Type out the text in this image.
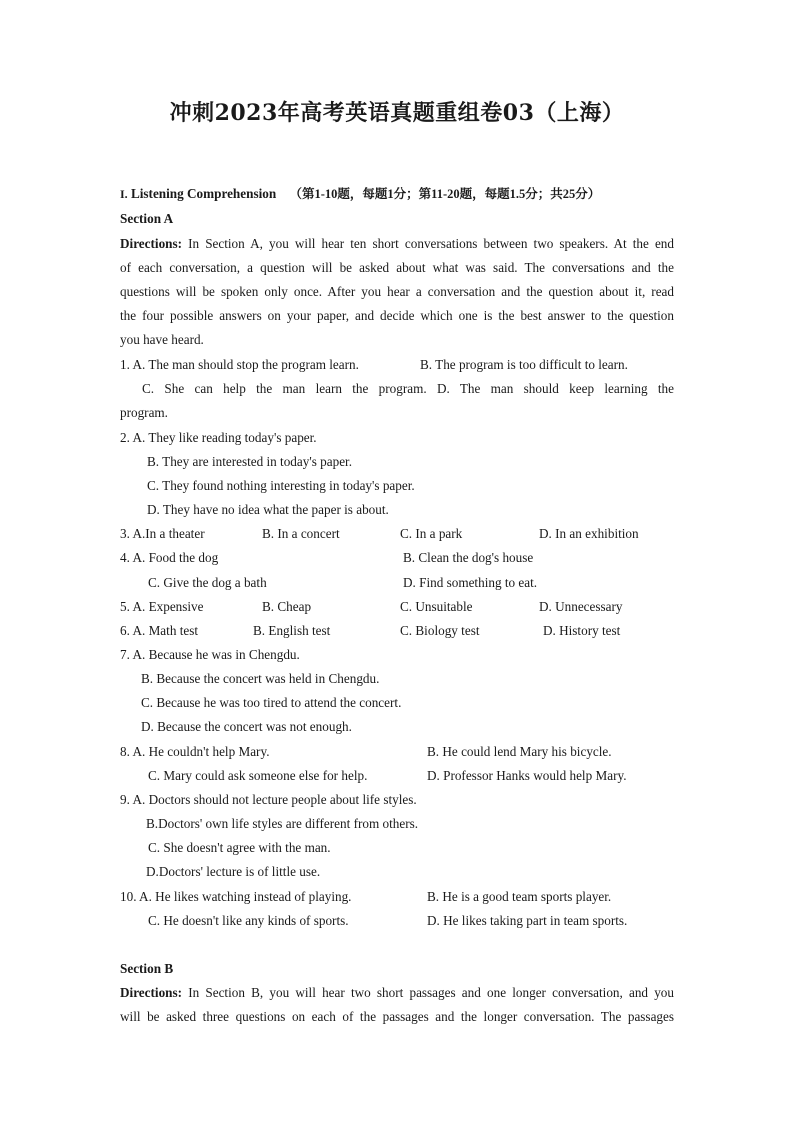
冲刺2023年高考英语真题重组卷03（上海）
I. Listening Comprehension （第1-10题，每题1分；第11-20题，每题1.5分；共25分）
Section A
Directions: In Section A, you will hear ten short conversations between two speakers. At the end
of each conversation, a question will be asked about what was said. The conversations and the
questions will be spoken only once. After you hear a conversation and the question about it, read
the four possible answers on your paper, and decide which one is the best answer to the question
you have heard.
1. A. The man should stop the program learn.	B. The program is too difficult to learn.
C. She can help the man learn the program. D. The man should keep learning the
program.
2. A. They like reading today's paper.
B. They are interested in today's paper.
C. They found nothing interesting in today's paper.
D. They have no idea what the paper is about.
3. A.In a theater	B. In a concert	C. In a park	D. In an exhibition
4. A. Food the dog	B. Clean the dog's house
C. Give the dog a bath	D. Find something to eat.
5. A. Expensive	B. Cheap	C. Unsuitable	D. Unnecessary
6. A. Math test	B. English test	C. Biology test	D. History test
7. A. Because he was in Chengdu.
B. Because the concert was held in Chengdu.
C. Because he was too tired to attend the concert.
D. Because the concert was not enough.
8. A. He couldn't help Mary.	B. He could lend Mary his bicycle.
C. Mary could ask someone else for help.	D. Professor Hanks would help Mary.
9. A. Doctors should not lecture people about life styles.
B.Doctors' own life styles are different from others.
C. She doesn't agree with the man.
D.Doctors' lecture is of little use.
10. A. He likes watching instead of playing.	B. He is a good team sports player.
C. He doesn't like any kinds of sports.	D. He likes taking part in team sports.
Section B
Directions: In Section B, you will hear two short passages and one longer conversation, and you
will be asked three questions on each of the passages and the longer conversation. The passages
